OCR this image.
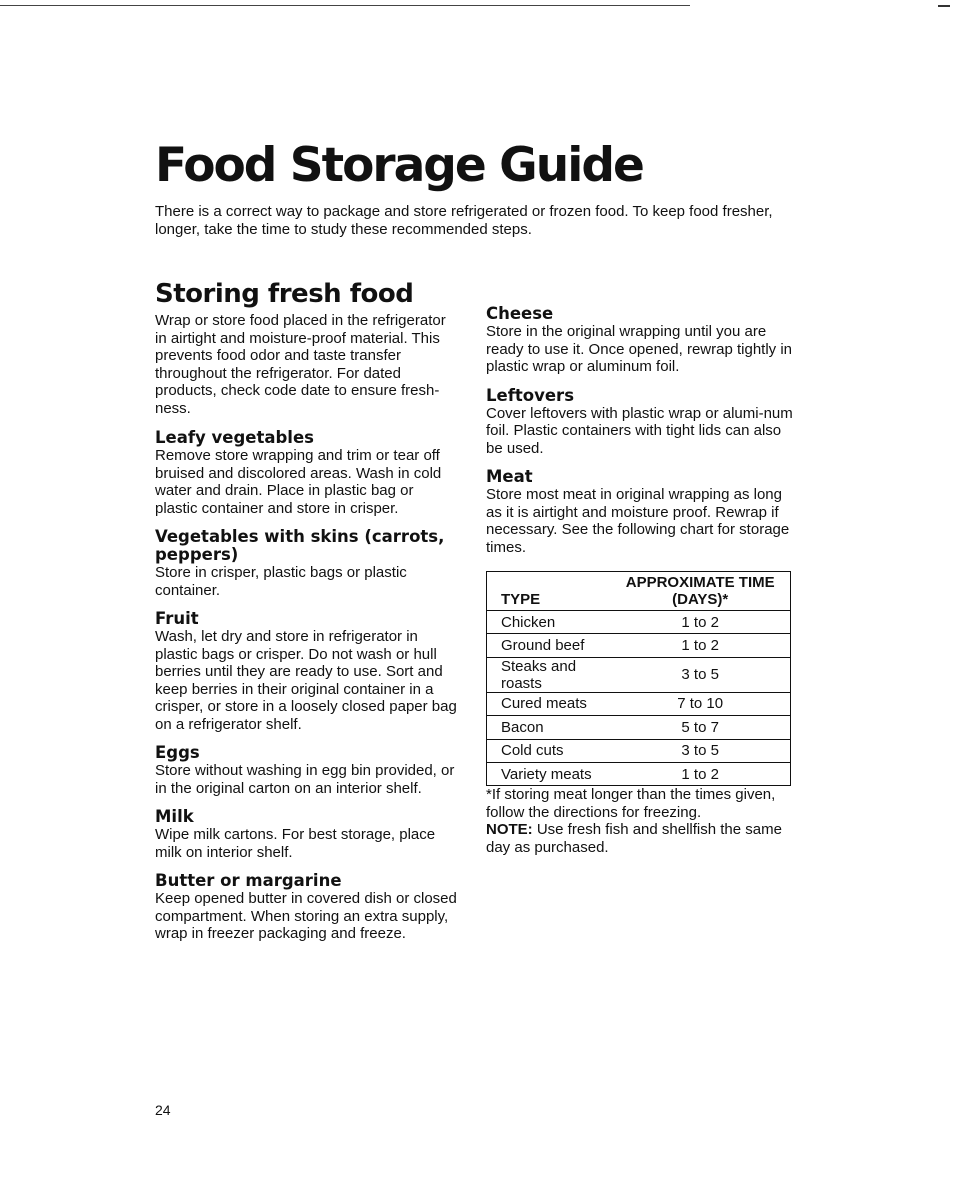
Food Storage Guide

There is a correct way to package and store refrigerated or frozen food. To keep food fresher, longer, take the time to study these recommended steps.

Storing fresh food

Wrap or store food placed in the refrigerator in airtight and moisture-proof material. This prevents food odor and taste transfer throughout the refrigerator. For dated products, check code date to ensure fresh-ness.

Leafy vegetables

Remove store wrapping and trim or tear off bruised and discolored areas. Wash in cold water and drain. Place in plastic bag or plastic container and store in crisper.

Vegetables with skins (carrots, peppers)

Store in crisper, plastic bags or plastic container.

Fruit

Wash, let dry and store in refrigerator in plastic bags or crisper. Do not wash or hull berries until they are ready to use. Sort and keep berries in their original container in a crisper, or store in a loosely closed paper bag on a refrigerator shelf.

Eggs

Store without washing in egg bin provided, or in the original carton on an interior shelf.

Milk

Wipe milk cartons. For best storage, place milk on interior shelf.

Butter or margarine

Keep opened butter in covered dish or closed compartment. When storing an extra supply, wrap in freezer packaging and freeze.

Cheese

Store in the original wrapping until you are ready to use it. Once opened, rewrap tightly in plastic wrap or aluminum foil.

Leftovers

Cover leftovers with plastic wrap or alumi-num foil. Plastic containers with tight lids can also be used.

Meat

Store most meat in original wrapping as long as it is airtight and moisture proof. Rewrap if necessary. See the following chart for storage times.

TYPE	APPROXIMATE TIME (DAYS)*
Chicken	1 to 2
Ground beef	1 to 2
Steaks and roasts	3 to 5
Cured meats	7 to 10
Bacon	5 to 7
Cold cuts	3 to 5
Variety meats	1 to 2

*If storing meat longer than the times given, follow the directions for freezing.

NOTE: Use fresh fish and shellfish the same day as purchased.

24
